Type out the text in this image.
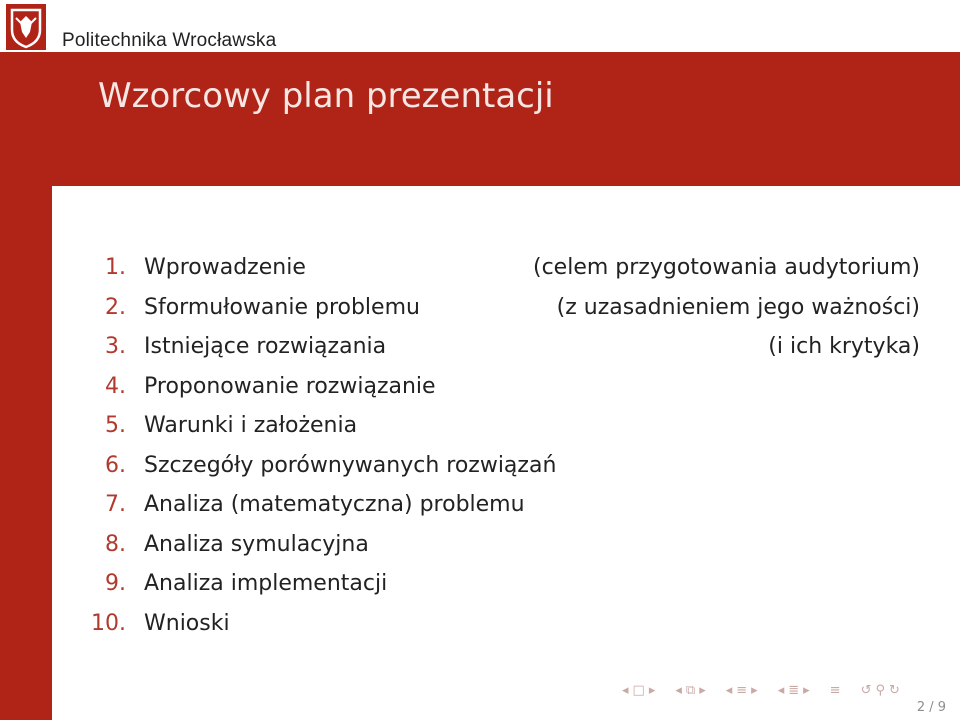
Politechnika Wrocławska
Wzorcowy plan prezentacji
1. Wprowadzenie	(celem przygotowania audytorium)
2. Sformułowanie problemu	(z uzasadnieniem jego ważności)
3. Istniejące rozwiązania	(i ich krytyka)
4. Proponowanie rozwiązanie
5. Warunki i założenia
6. Szczegóły porównywanych rozwiązań
7. Analiza (matematyczna) problemu
8. Analiza symulacyjna
9. Analiza implementacji
10. Wnioski
◂ □ ▸ ◂ ⧉ ▸ ◂ ≡ ▸ ◂ ≣ ▸ ≡ ↺ ⚲ ↻
2 / 9
